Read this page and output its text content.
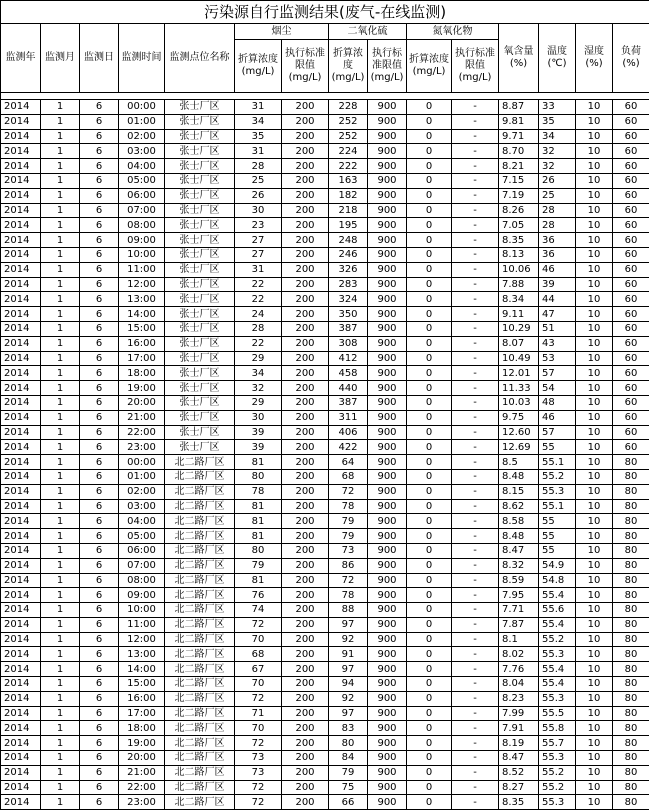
污染源自行监测结果(废气-在线监测)														
监测年	监测月	监测日	监测时间	监测点位名称	烟尘		二氧化硫		氮氧化物		氧含量(%)	温度(℃)	湿度(%)	负荷(%)
					折算浓度(mg/L)	执行标准限值(mg/L)	折算浓度(mg/L)	执行标准限值(mg/L)	折算浓度(mg/L)	执行标准限值(mg/L)				

2014	1	6	00:00	张士厂区	31	200	228	900	0	-	8.87	33	10	60
2014	1	6	01:00	张士厂区	34	200	252	900	0	-	9.81	35	10	60
2014	1	6	02:00	张士厂区	35	200	252	900	0	-	9.71	34	10	60
2014	1	6	03:00	张士厂区	31	200	224	900	0	-	8.70	32	10	60
2014	1	6	04:00	张士厂区	28	200	222	900	0	-	8.21	32	10	60
2014	1	6	05:00	张士厂区	25	200	163	900	0	-	7.15	26	10	60
2014	1	6	06:00	张士厂区	26	200	182	900	0	-	7.19	25	10	60
2014	1	6	07:00	张士厂区	30	200	218	900	0	-	8.26	28	10	60
2014	1	6	08:00	张士厂区	23	200	195	900	0	-	7.05	28	10	60
2014	1	6	09:00	张士厂区	27	200	248	900	0	-	8.35	36	10	60
2014	1	6	10:00	张士厂区	27	200	246	900	0	-	8.13	36	10	60
2014	1	6	11:00	张士厂区	31	200	326	900	0	-	10.06	46	10	60
2014	1	6	12:00	张士厂区	22	200	283	900	0	-	7.88	39	10	60
2014	1	6	13:00	张士厂区	22	200	324	900	0	-	8.34	44	10	60
2014	1	6	14:00	张士厂区	24	200	350	900	0	-	9.11	47	10	60
2014	1	6	15:00	张士厂区	28	200	387	900	0	-	10.29	51	10	60
2014	1	6	16:00	张士厂区	22	200	308	900	0	-	8.07	43	10	60
2014	1	6	17:00	张士厂区	29	200	412	900	0	-	10.49	53	10	60
2014	1	6	18:00	张士厂区	34	200	458	900	0	-	12.01	57	10	60
2014	1	6	19:00	张士厂区	32	200	440	900	0	-	11.33	54	10	60
2014	1	6	20:00	张士厂区	29	200	387	900	0	-	10.03	48	10	60
2014	1	6	21:00	张士厂区	30	200	311	900	0	-	9.75	46	10	60
2014	1	6	22:00	张士厂区	39	200	406	900	0	-	12.60	57	10	60
2014	1	6	23:00	张士厂区	39	200	422	900	0	-	12.69	55	10	60
2014	1	6	00:00	北二路厂区	81	200	64	900	0	-	8.5	55.1	10	80
2014	1	6	01:00	北二路厂区	80	200	68	900	0	-	8.48	55.2	10	80
2014	1	6	02:00	北二路厂区	78	200	72	900	0	-	8.15	55.3	10	80
2014	1	6	03:00	北二路厂区	81	200	78	900	0	-	8.62	55.1	10	80
2014	1	6	04:00	北二路厂区	81	200	79	900	0	-	8.58	55	10	80
2014	1	6	05:00	北二路厂区	81	200	79	900	0	-	8.48	55	10	80
2014	1	6	06:00	北二路厂区	80	200	73	900	0	-	8.47	55	10	80
2014	1	6	07:00	北二路厂区	79	200	86	900	0	-	8.32	54.9	10	80
2014	1	6	08:00	北二路厂区	81	200	72	900	0	-	8.59	54.8	10	80
2014	1	6	09:00	北二路厂区	76	200	78	900	0	-	7.95	55.4	10	80
2014	1	6	10:00	北二路厂区	74	200	88	900	0	-	7.71	55.6	10	80
2014	1	6	11:00	北二路厂区	72	200	97	900	0	-	7.87	55.4	10	80
2014	1	6	12:00	北二路厂区	70	200	92	900	0	-	8.1	55.2	10	80
2014	1	6	13:00	北二路厂区	68	200	91	900	0	-	8.02	55.3	10	80
2014	1	6	14:00	北二路厂区	67	200	97	900	0	-	7.76	55.4	10	80
2014	1	6	15:00	北二路厂区	70	200	94	900	0	-	8.04	55.4	10	80
2014	1	6	16:00	北二路厂区	72	200	92	900	0	-	8.23	55.3	10	80
2014	1	6	17:00	北二路厂区	71	200	97	900	0	-	7.99	55.5	10	80
2014	1	6	18:00	北二路厂区	70	200	83	900	0	-	7.91	55.8	10	80
2014	1	6	19:00	北二路厂区	72	200	80	900	0	-	8.19	55.7	10	80
2014	1	6	20:00	北二路厂区	73	200	84	900	0	-	8.47	55.3	10	80
2014	1	6	21:00	北二路厂区	73	200	79	900	0	-	8.52	55.2	10	80
2014	1	6	22:00	北二路厂区	72	200	75	900	0	-	8.27	55.2	10	80
2014	1	6	23:00	北二路厂区	72	200	66	900	0	-	8.35	55.3	10	80
